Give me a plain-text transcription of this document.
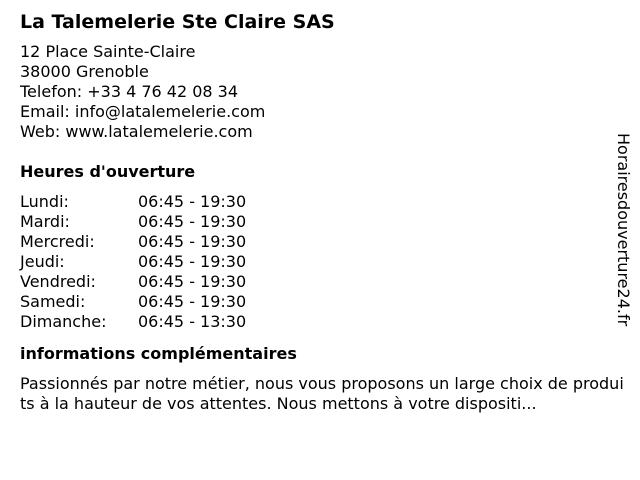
La Talemelerie Ste Claire SAS
12 Place Sainte-Claire
38000 Grenoble
Telefon: +33 4 76 42 08 34
Email: info@latalemelerie.com
Web: www.latalemelerie.com
Heures d'ouverture
Lundi:	06:45 - 19:30
Mardi:	06:45 - 19:30
Mercredi:	06:45 - 19:30
Jeudi:	06:45 - 19:30
Vendredi:	06:45 - 19:30
Samedi:	06:45 - 19:30
Dimanche:	06:45 - 13:30
informations complémentaires
Passionnés par notre métier, nous vous proposons un large choix de produits à la hauteur de vos attentes. Nous mettons à votre dispositi...
Horairesdouverture24.fr
